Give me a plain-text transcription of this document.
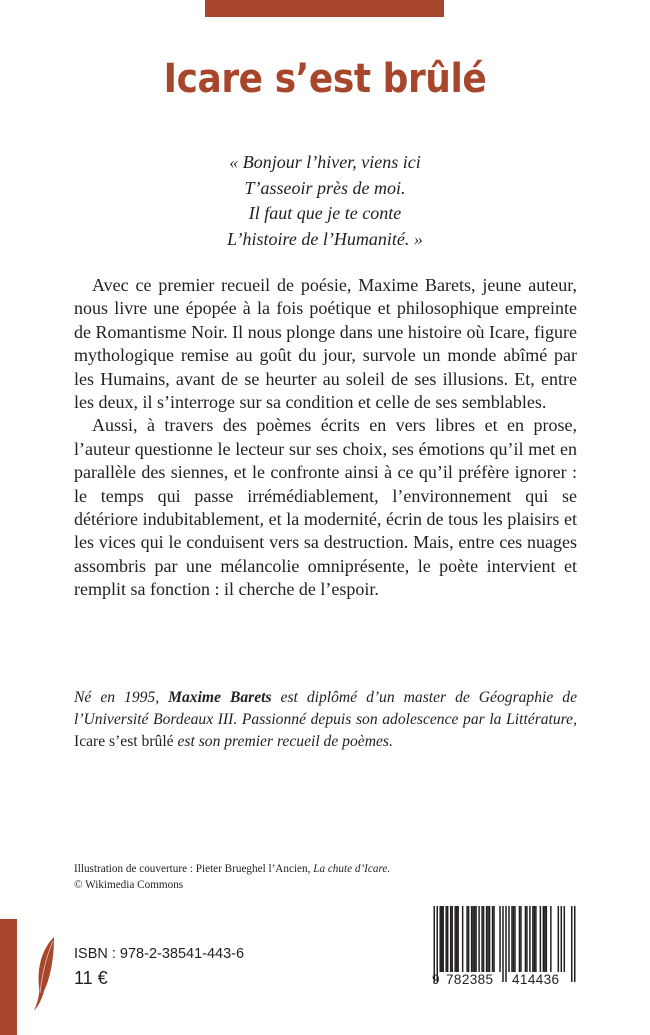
Icare s’est brûlé
« Bonjour l’hiver, viens ici
T’asseoir près de moi.
Il faut que je te conte
L’histoire de l’Humanité. »

Avec ce premier recueil de poésie, Maxime Barets, jeune auteur, nous livre une épopée à la fois poétique et philosophique empreinte de Romantisme Noir. Il nous plonge dans une histoire où Icare, figure mythologique remise au goût du jour, survole un monde abîmé par les Humains, avant de se heurter au soleil de ses illusions. Et, entre les deux, il s’interroge sur sa condition et celle de ses semblables.

Aussi, à travers des poèmes écrits en vers libres et en prose, l’auteur questionne le lecteur sur ses choix, ses émotions qu’il met en parallèle des siennes, et le confronte ainsi à ce qu’il préfère ignorer : le temps qui passe irrémédiablement, l’environnement qui se détériore indubitablement, et la modernité, écrin de tous les plaisirs et les vices qui le conduisent vers sa destruction. Mais, entre ces nuages assombris par une mélancolie omniprésente, le poète intervient et remplit sa fonction : il cherche de l’espoir.

Né en 1995, Maxime Barets est diplômé d’un master de Géographie de l’Université Bordeaux III. Passionné depuis son adolescence par la Littérature, Icare s’est brûlé est son premier recueil de poèmes.
Illustration de couverture : Pieter Brueghel l’Ancien, La chute d’Icare.
© Wikimedia Commons
ISBN : 978-2-38541-443-6
11 €	9 782385 414436
